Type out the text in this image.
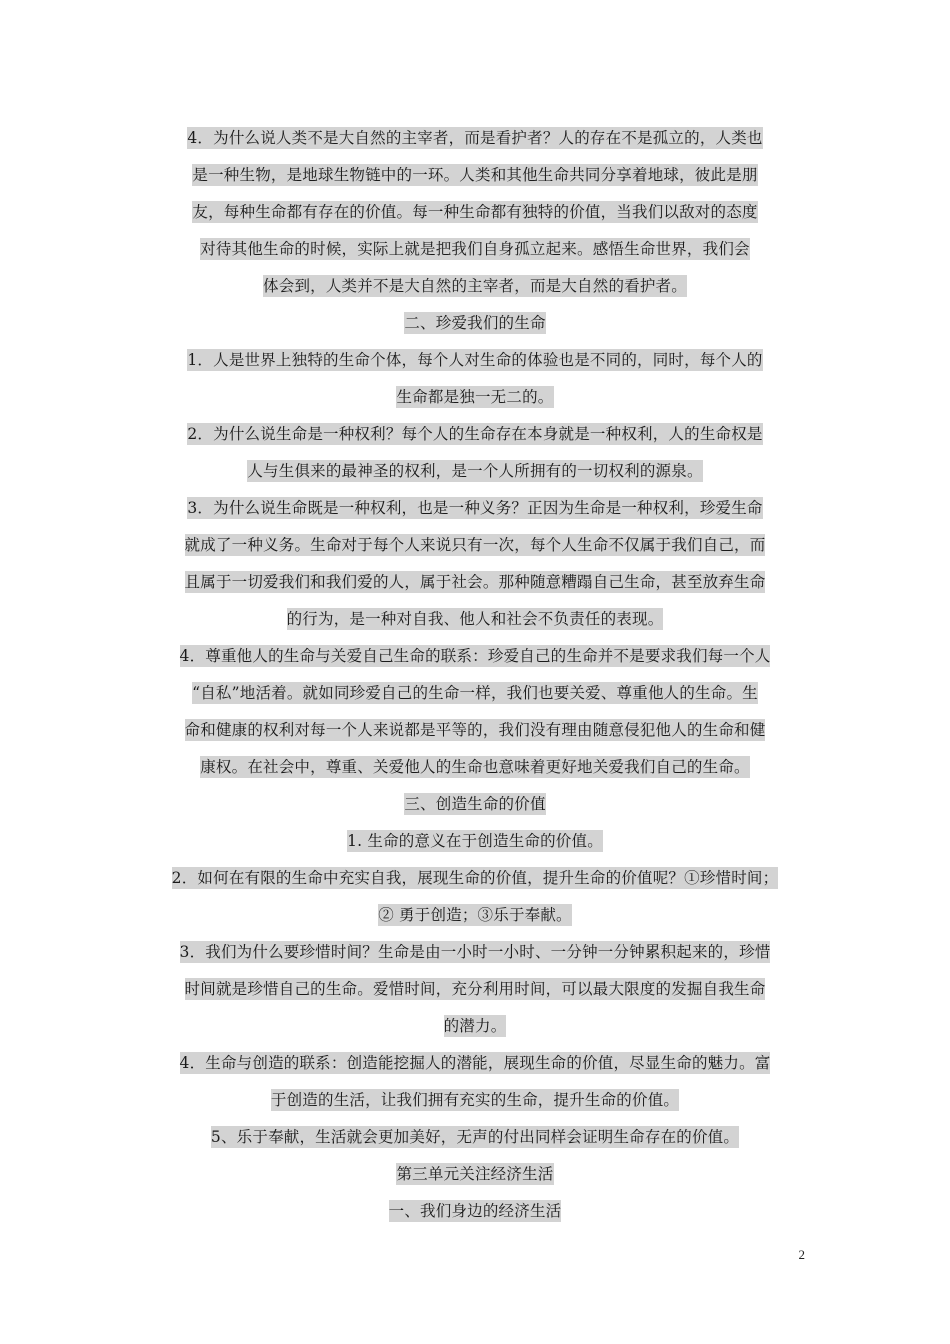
4．为什么说人类不是大自然的主宰者，而是看护者？人的存在不是孤立的，人类也
是一种生物，是地球生物链中的一环。人类和其他生命共同分享着地球，彼此是朋
友，每种生命都有存在的价值。每一种生命都有独特的价值，当我们以敌对的态度
对待其他生命的时候，实际上就是把我们自身孤立起来。感悟生命世界，我们会
体会到，人类并不是大自然的主宰者，而是大自然的看护者。
二、珍爱我们的生命
1．人是世界上独特的生命个体，每个人对生命的体验也是不同的，同时，每个人的
生命都是独一无二的。
2．为什么说生命是一种权利？每个人的生命存在本身就是一种权利，人的生命权是
人与生俱来的最神圣的权利，是一个人所拥有的一切权利的源泉。
3．为什么说生命既是一种权利，也是一种义务？正因为生命是一种权利，珍爱生命
就成了一种义务。生命对于每个人来说只有一次，每个人生命不仅属于我们自己，而
且属于一切爱我们和我们爱的人，属于社会。那种随意糟蹋自己生命，甚至放弃生命
的行为，是一种对自我、他人和社会不负责任的表现。
4．尊重他人的生命与关爱自己生命的联系：珍爱自己的生命并不是要求我们每一个人
“自私”地活着。就如同珍爱自己的生命一样，我们也要关爱、尊重他人的生命。生
命和健康的权利对每一个人来说都是平等的，我们没有理由随意侵犯他人的生命和健
康权。在社会中，尊重、关爱他人的生命也意味着更好地关爱我们自己的生命。
三、创造生命的价值
1. 生命的意义在于创造生命的价值。
2．如何在有限的生命中充实自我，展现生命的价值，提升生命的价值呢？①珍惜时间；
② 勇于创造；③乐于奉献。
3．我们为什么要珍惜时间？生命是由一小时一小时、一分钟一分钟累积起来的，珍惜
时间就是珍惜自己的生命。爱惜时间，充分利用时间，可以最大限度的发掘自我生命
的潜力。
4．生命与创造的联系：创造能挖掘人的潜能，展现生命的价值，尽显生命的魅力。富
于创造的生活，让我们拥有充实的生命，提升生命的价值。
5、乐于奉献，生活就会更加美好，无声的付出同样会证明生命存在的价值。
第三单元关注经济生活
一、我们身边的经济生活
2
